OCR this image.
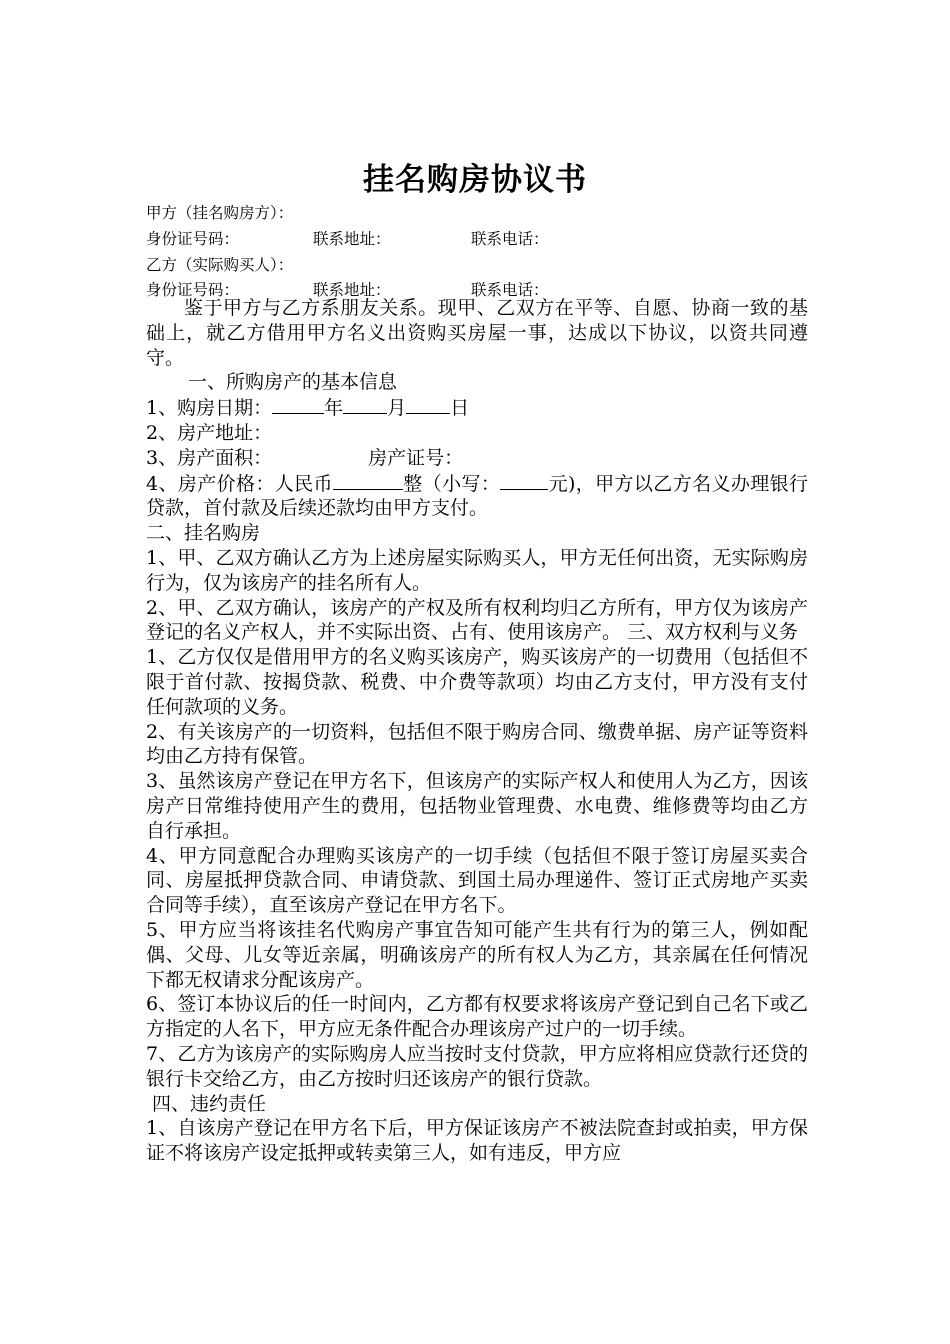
挂名购房协议书
甲方（挂名购房方）：
身份证号码：	联系地址：	联系电话：
乙方（实际购买人）：
身份证号码：	联系地址：	联系电话：

鉴于甲方与乙方系朋友关系。现甲、乙双方在平等、自愿、协商一致的基础上，就乙方借用甲方名义出资购买房屋一事，达成以下协议，以资共同遵守。

一、所购房产的基本信息

1、购房日期：	年 月 日

2、房产地址：

3、房产面积：	房产证号：

4、房产价格：人民币	整（小写：	元)，甲方以乙方名义办理银行贷款，首付款及后续还款均由甲方支付。

二、挂名购房

1、甲、乙双方确认乙方为上述房屋实际购买人，甲方无任何出资，无实际购房行为，仅为该房产的挂名所有人。

2、甲、乙双方确认，该房产的产权及所有权利均归乙方所有，甲方仅为该房产登记的名义产权人，并不实际出资、占有、使用该房产。 三、双方权利与义务

1、乙方仅仅是借用甲方的名义购买该房产，购买该房产的一切费用（包括但不限于首付款、按揭贷款、税费、中介费等款项）均由乙方支付，甲方没有支付任何款项的义务。

2、有关该房产的一切资料，包括但不限于购房合同、缴费单据、房产证等资料均由乙方持有保管。

3、虽然该房产登记在甲方名下，但该房产的实际产权人和使用人为乙方，因该房产日常维持使用产生的费用，包括物业管理费、水电费、维修费等均由乙方自行承担。

4、甲方同意配合办理购买该房产的一切手续（包括但不限于签订房屋买卖合同、房屋抵押贷款合同、申请贷款、到国土局办理递件、签订正式房地产买卖合同等手续），直至该房产登记在甲方名下。

5、甲方应当将该挂名代购房产事宜告知可能产生共有行为的第三人，例如配偶、父母、儿女等近亲属，明确该房产的所有权人为乙方，其亲属在任何情况下都无权请求分配该房产。

6、签订本协议后的任一时间内，乙方都有权要求将该房产登记到自己名下或乙方指定的人名下，甲方应无条件配合办理该房产过户的一切手续。

7、乙方为该房产的实际购房人应当按时支付贷款，甲方应将相应贷款行还贷的银行卡交给乙方，由乙方按时归还该房产的银行贷款。

四、违约责任

1、自该房产登记在甲方名下后，甲方保证该房产不被法院查封或拍卖，甲方保证不将该房产设定抵押或转卖第三人，如有违反，甲方应
